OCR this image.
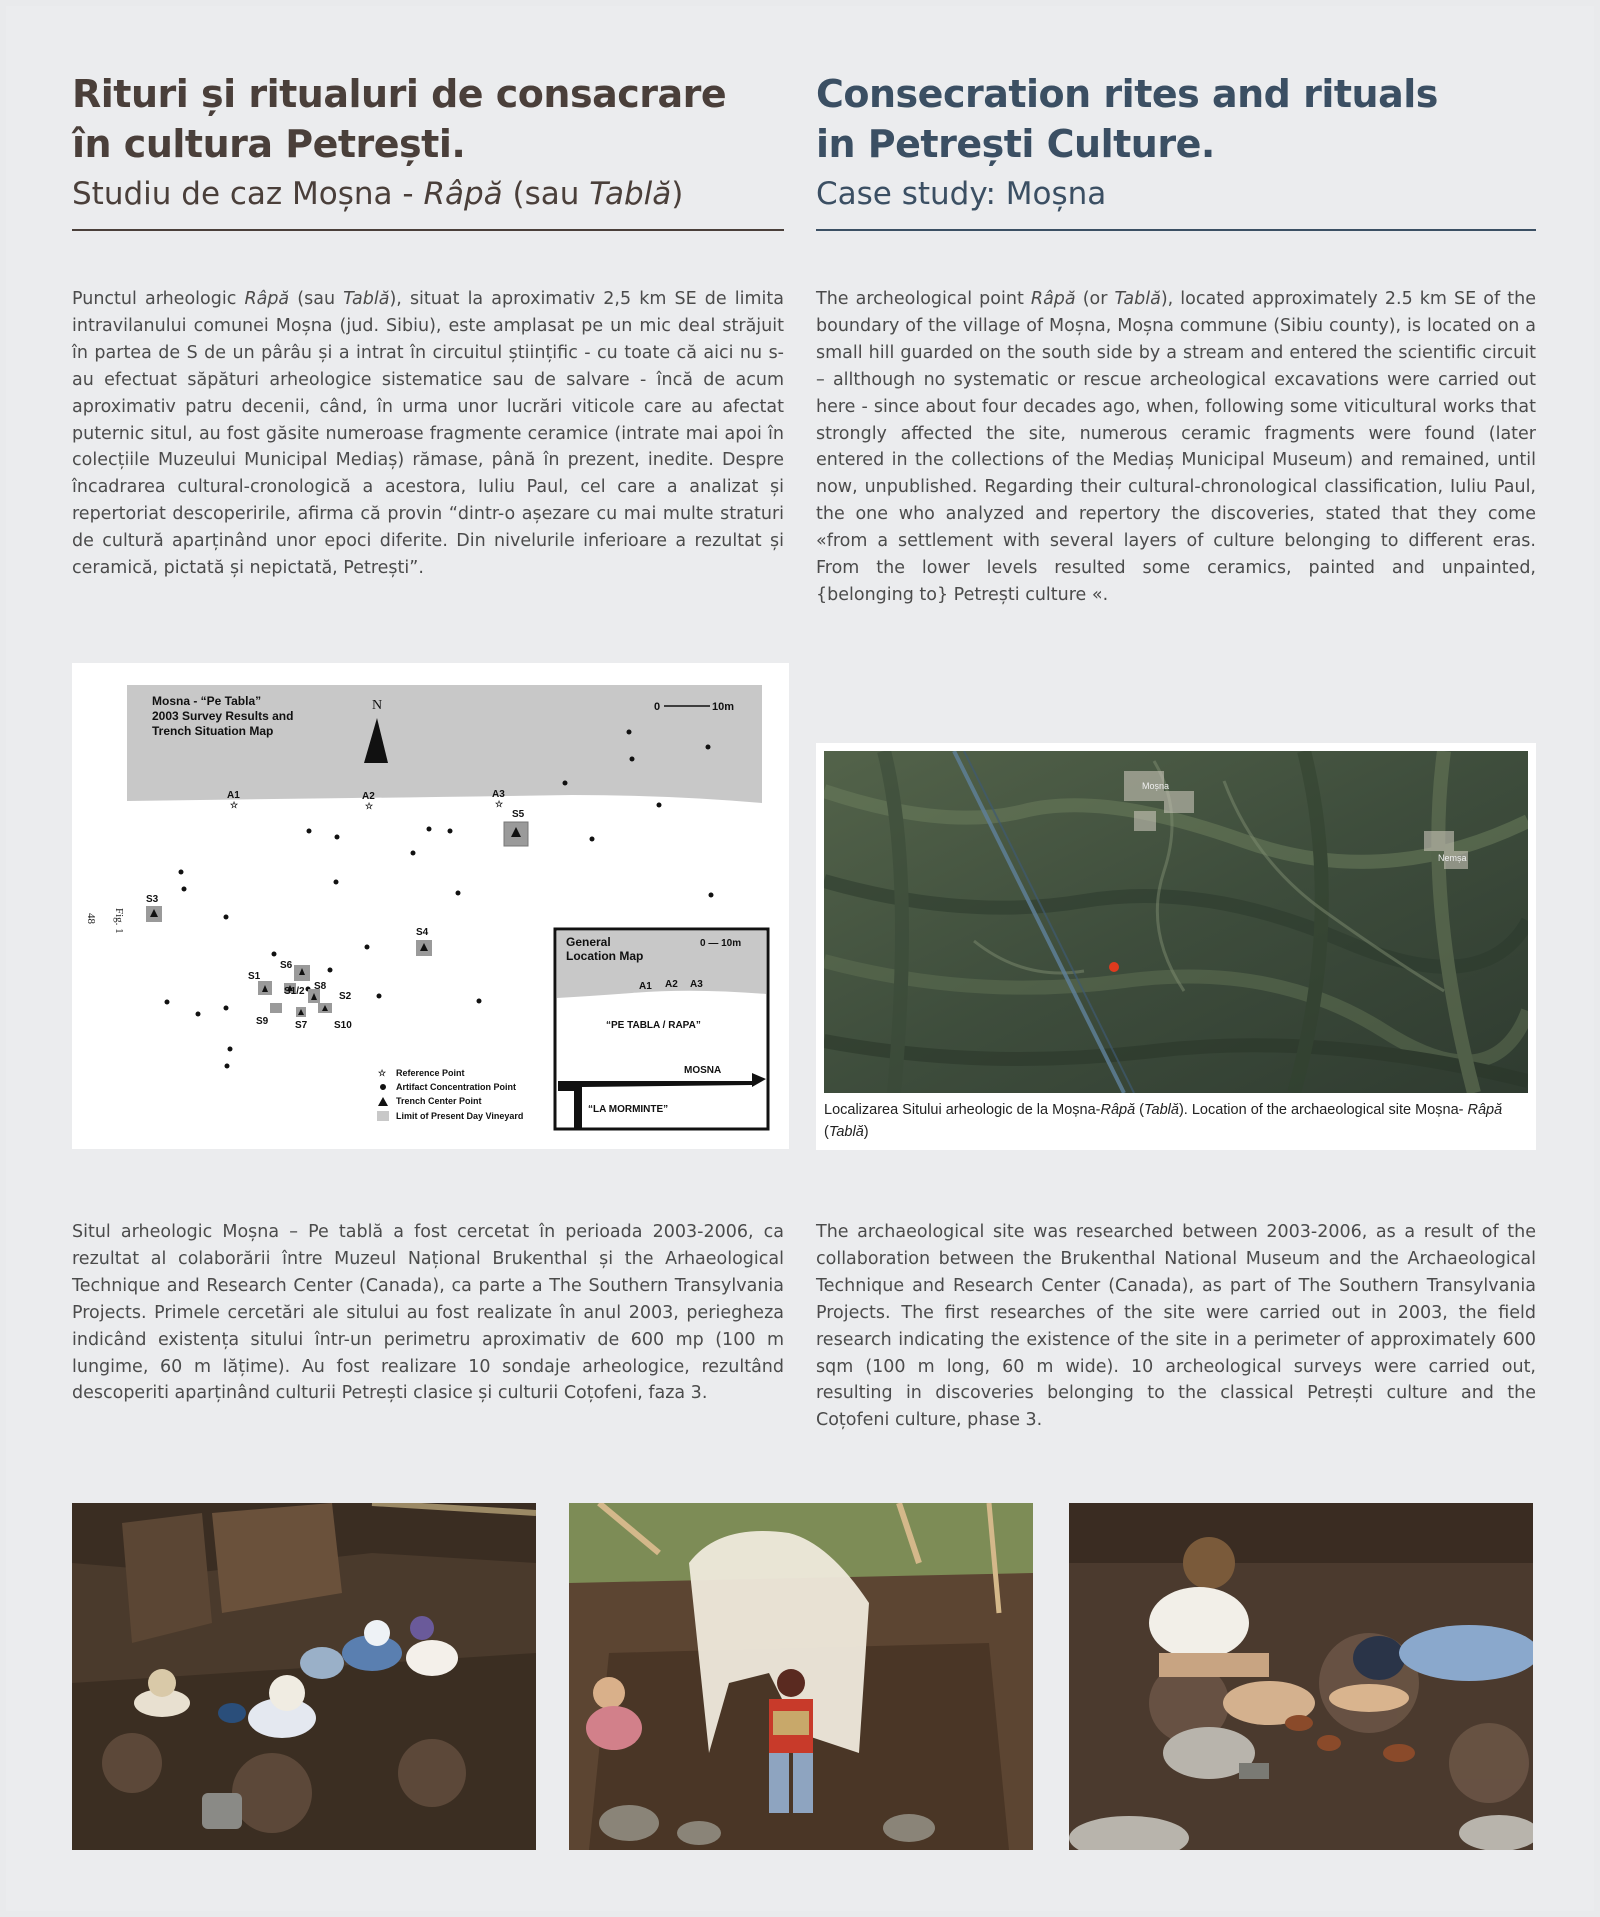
Rituri și ritualuri de consacrare
în cultura Petrești.
Studiu de caz Moșna - Râpă (sau Tablă)
Consecration rites and rituals
in Petrești Culture.
Case study: Moșna
Punctul arheologic Râpă (sau Tablă), situat la aproximativ 2,5 km SE de limita intravilanului comunei Moșna (jud. Sibiu), este amplasat pe un mic deal străjuit în partea de S de un pârâu și a intrat în circuitul științific - cu toate că aici nu s-au efectuat săpături arheologice sistematice sau de salvare - încă de acum aproximativ patru decenii, când, în urma unor lucrări viticole care au afectat puternic situl, au fost găsite numeroase fragmente ceramice (intrate mai apoi în colecțiile Muzeului Municipal Mediaș) rămase, până în prezent, inedite. Despre încadrarea cultural-cronologică a acestora, Iuliu Paul, cel care a analizat și repertoriat descoperirile, afirma că provin “dintr-o așezare cu mai multe straturi de cultură aparținând unor epoci diferite. Din nivelurile inferioare a rezultat și ceramică, pictată și nepictată, Petrești”.
The archeological point Râpă (or Tablă), located approximately 2.5 km SE of the boundary of the village of Moșna, Moșna commune (Sibiu county), is located on a small hill guarded on the south side by a stream and entered the scientific circuit – allthough no systematic or rescue archeological excavations were carried out here - since about four decades ago, when, following some viticultural works that strongly affected the site, numerous ceramic fragments were found (later entered in the collections of the Mediaș Municipal Museum) and remained, until now, unpublished. Regarding their cultural-chronological classification, Iuliu Paul, the one who analyzed and repertory the discoveries, stated that they come «from a settlement with several layers of culture belonging to different eras. From the lower levels resulted some ceramics, painted and unpainted, {belonging to} Petrești culture «.
Mosna - “Pe Tabla”
2003 Survey Results and
Trench Situation Map
N	0	10m
A1
☆
A2
☆
A3
☆
S5
S3
S4
S1
S6
S1/2 S8
S2
S9	S7	S10
Fig. 1
48
☆ Reference Point
Artifact Concentration Point
Trench Center Point
Limit of Present Day Vineyard
General
Location Map
0 — 10m
A1 A2 A3
“PE TABLA / RAPA”
MOSNA
“LA MORMINTE”
Moșna
Nemșa
Localizarea Sitului arheologic de la Moșna-Râpă (Tablă). Location of the archaeological site Moșna- Râpă (Tablă)
Situl arheologic Moșna – Pe tablă a fost cercetat în perioada 2003-2006, ca rezultat al colaborării între Muzeul Național Brukenthal și the Arhaeological Technique and Research Center (Canada), ca parte a The Southern Transylvania Projects. Primele cercetări ale sitului au fost realizate în anul 2003, periegheza indicând existența sitului într-un perimetru aproximativ de 600 mp (100 m lungime, 60 m lățime). Au fost realizare 10 sondaje arheologice, rezultând descoperiti aparținând culturii Petrești clasice și culturii Coțofeni, faza 3.
The archaeological site was researched between 2003-2006, as a result of the collaboration between the Brukenthal National Museum and the Archaeological Technique and Research Center (Canada), as part of The Southern Transylvania Projects. The first researches of the site were carried out in 2003, the field research indicating the existence of the site in a perimeter of approximately 600 sqm (100 m long, 60 m wide). 10 archeological surveys were carried out, resulting in discoveries belonging to the classical Petrești culture and the Coțofeni culture, phase 3.
